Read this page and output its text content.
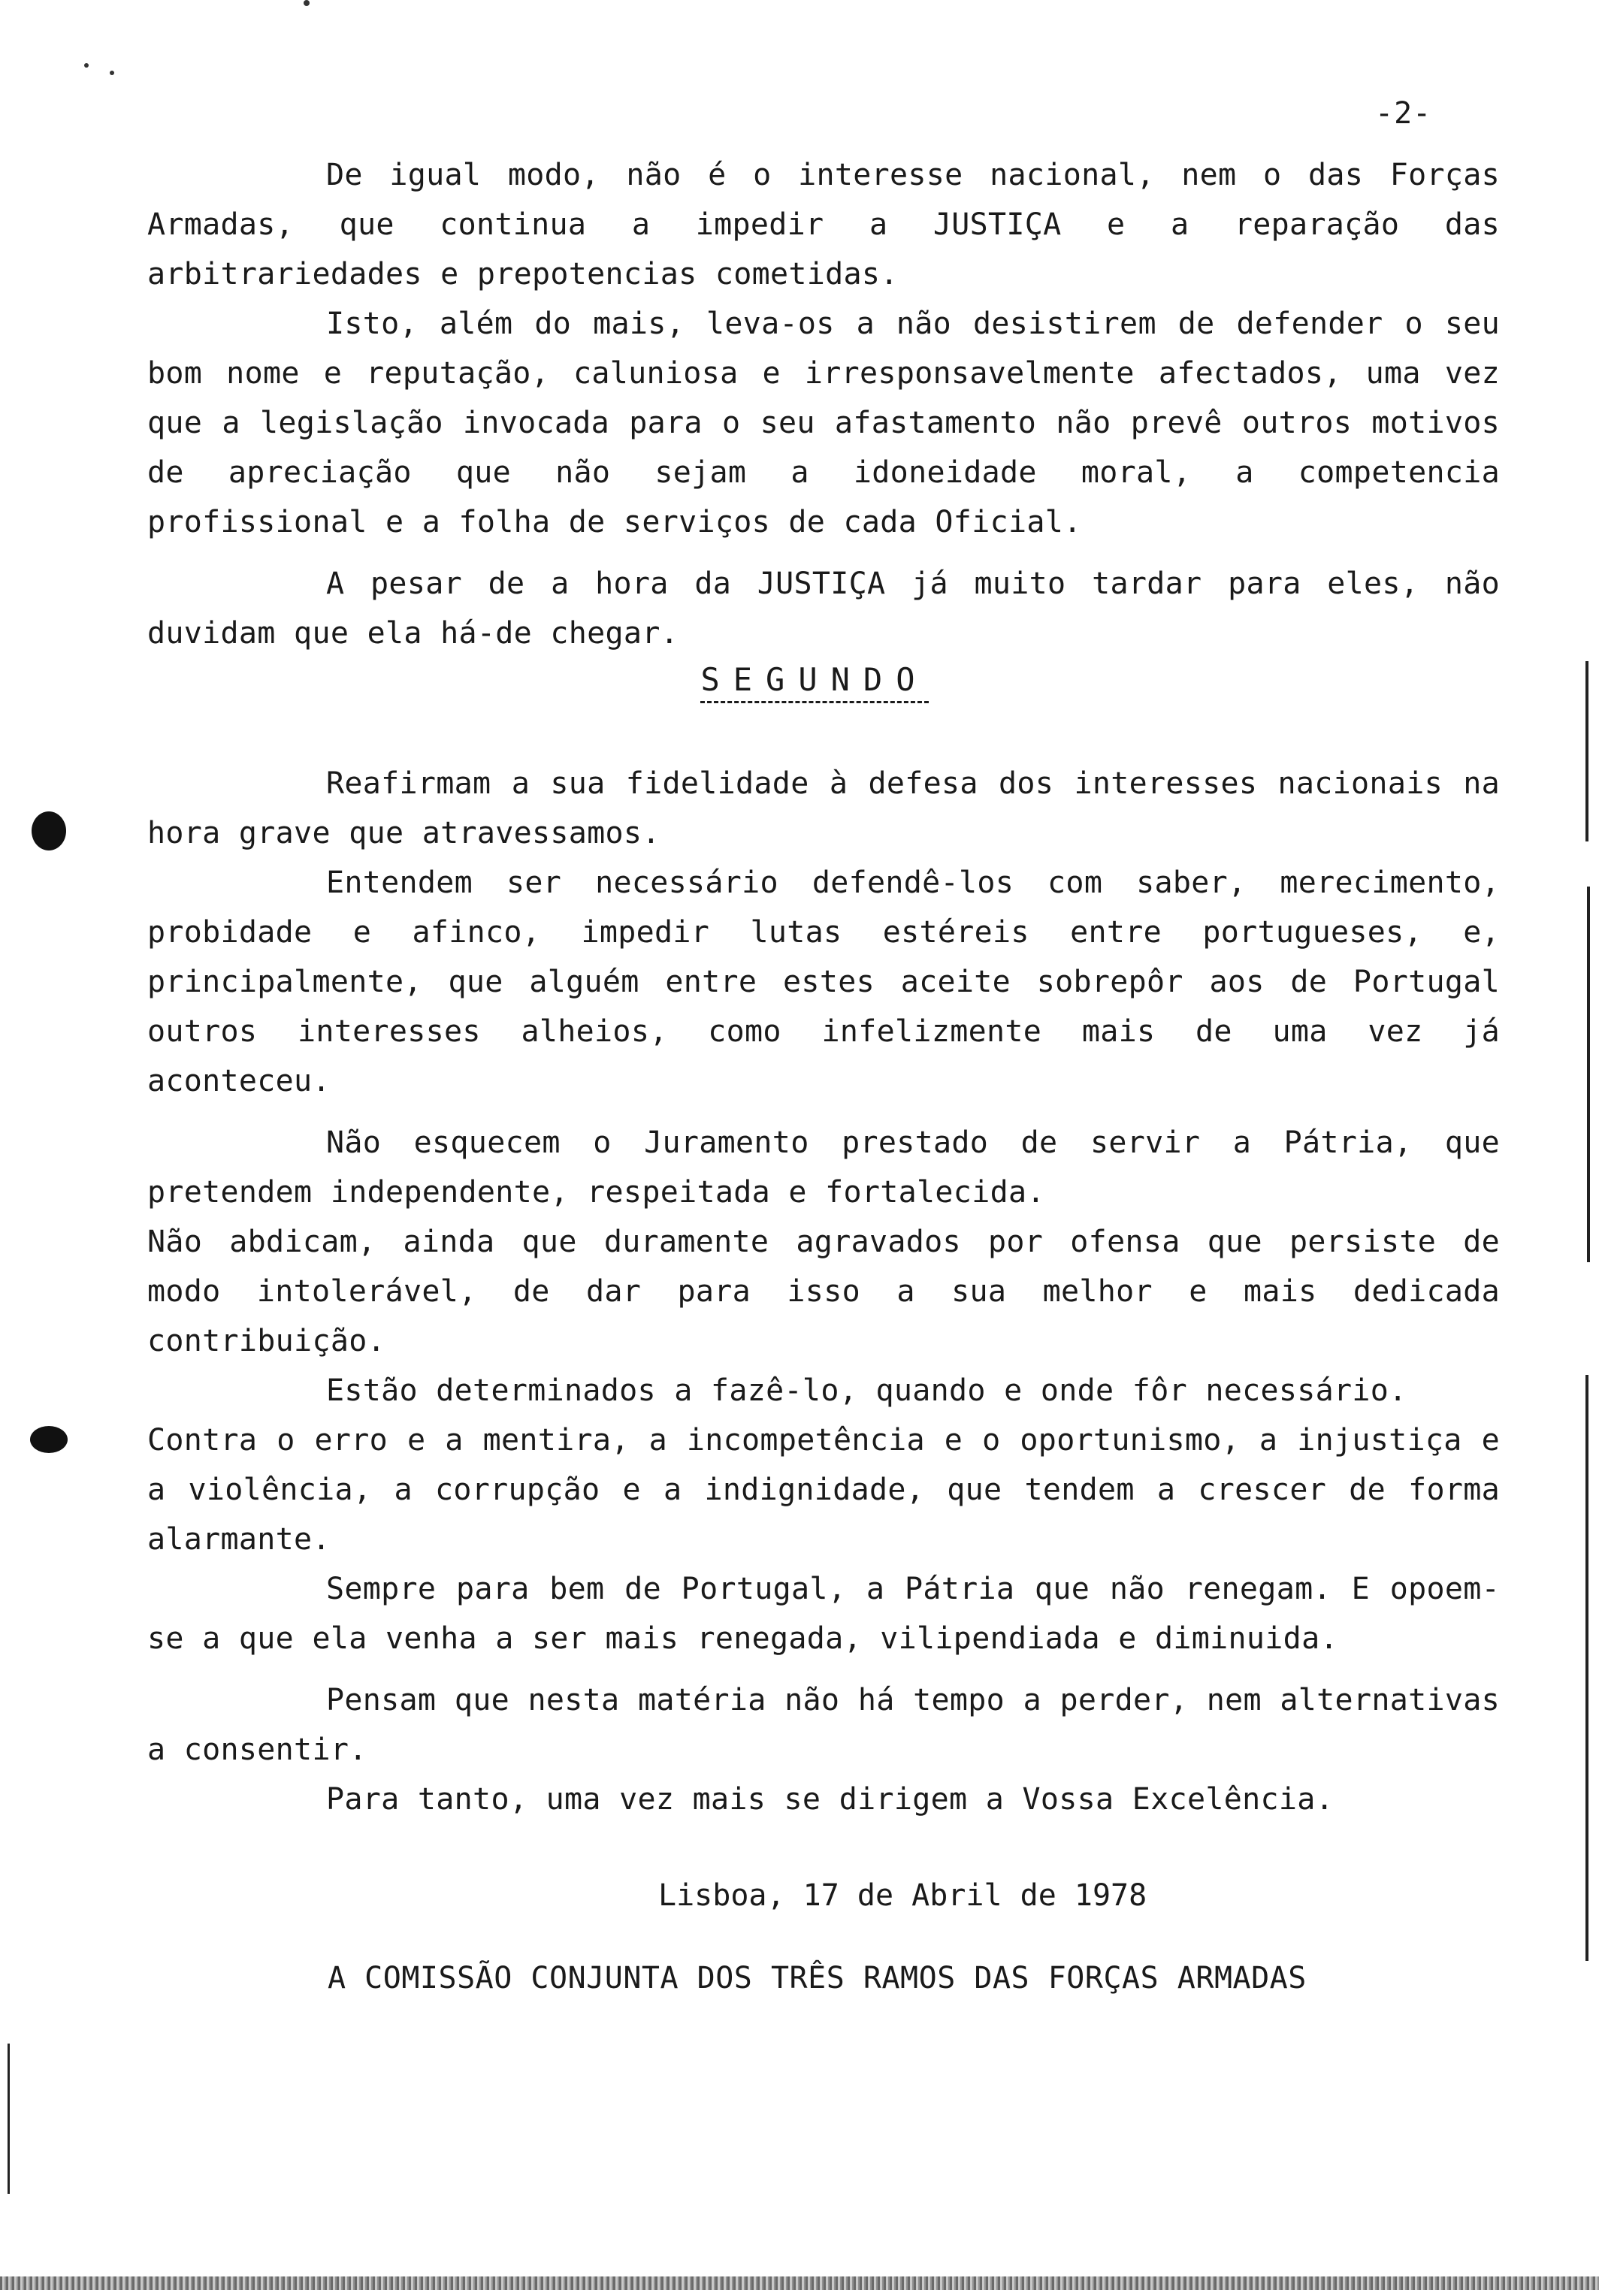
-2-

De igual modo, não é o interesse nacional, nem o das Forças Armadas, que continua a impedir a JUSTIÇA e a reparação das arbitrariedades e prepotencias cometidas.

Isto, além do mais, leva-os a não desistirem de defender o seu bom nome e reputação, caluniosa e irresponsavelmente afectados, uma vez que a legislação invocada para o seu afastamento não prevê outros motivos de apreciação que não sejam a idoneidade moral, a competencia profissional e a folha de serviços de cada Oficial.

A pesar de a hora da JUSTIÇA já muito tardar para eles, não duvidam que ela há-de chegar.

SEGUNDO

Reafirmam a sua fidelidade à defesa dos interesses nacionais na hora grave que atravessamos.

Entendem ser necessário defendê-los com saber, merecimento, probidade e afinco, impedir lutas estéreis entre portugueses, e, principalmente, que alguém entre estes aceite sobrepôr aos de Portugal outros interesses alheios, como infelizmente mais de uma vez já aconteceu.

Não esquecem o Juramento prestado de servir a Pátria, que pretendem independente, respeitada e fortalecida.

Não abdicam, ainda que duramente agravados por ofensa que persiste de modo intolerável, de dar para isso a sua melhor e mais dedicada contribuição.

Estão determinados a fazê-lo, quando e onde fôr necessário.

Contra o erro e a mentira, a incompetência e o oportunismo, a injustiça e a violência, a corrupção e a indignidade, que tendem a crescer de forma alarmante.

Sempre para bem de Portugal, a Pátria que não renegam. E opoem-se a que ela venha a ser mais renegada, vilipendiada e diminuida.

Pensam que nesta matéria não há tempo a perder, nem alternativas a consentir.

Para tanto, uma vez mais se dirigem a Vossa Excelência.

Lisboa, 17 de Abril de 1978
A COMISSÃO CONJUNTA DOS TRÊS RAMOS DAS FORÇAS ARMADAS
